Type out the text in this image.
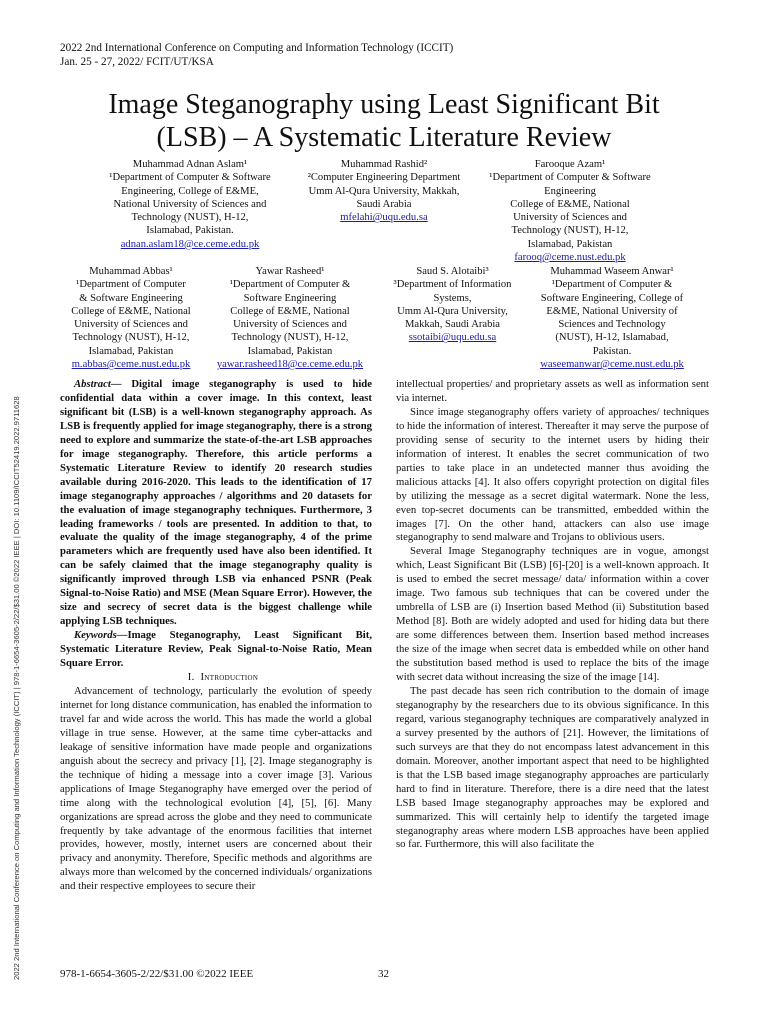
2022 2nd International Conference on Computing and Information Technology (ICCIT)
Jan. 25 - 27, 2022/ FCIT/UT/KSA
Image Steganography using Least Significant Bit
(LSB) – A Systematic Literature Review
Muhammad Adnan Aslam¹
¹Department of Computer & Software
Engineering, College of E&ME,
National University of Sciences and
Technology (NUST), H-12,
Islamabad, Pakistan.
adnan.aslam18@ce.ceme.edu.pk
Muhammad Rashid²
²Computer Engineering Department
Umm Al-Qura University, Makkah,
Saudi Arabia
mfelahi@uqu.edu.sa
Farooque Azam¹
¹Department of Computer & Software
Engineering
College of E&ME, National
University of Sciences and
Technology (NUST), H-12,
Islamabad, Pakistan
farooq@ceme.nust.edu.pk
Muhammad Abbas¹
¹Department of Computer
& Software Engineering
College of E&ME, National
University of Sciences and
Technology (NUST), H-12,
Islamabad, Pakistan
m.abbas@ceme.nust.edu.pk
Yawar Rasheed¹
¹Department of Computer &
Software Engineering
College of E&ME, National
University of Sciences and
Technology (NUST), H-12,
Islamabad, Pakistan
yawar.rasheed18@ce.ceme.edu.pk
Saud S. Alotaibi³
³Department of Information
Systems,
Umm Al-Qura University,
Makkah, Saudi Arabia
ssotaibi@uqu.edu.sa
Muhammad Waseem Anwar¹
¹Department of Computer &
Software Engineering, College of
E&ME, National University of
Sciences and Technology
(NUST), H-12, Islamabad,
Pakistan.
waseemanwar@ceme.nust.edu.pk
2022 2nd International Conference on Computing and Information Technology (ICCIT) | 978-1-6654-3605-2/22/$31.00 ©2022 IEEE | DOI: 10.1109/ICCIT52419.2022.9711628

Abstract— Digital image steganography is used to hide confidential data within a cover image. In this context, least significant bit (LSB) is a well-known steganography approach. As LSB is frequently applied for image steganography, there is a strong need to explore and summarize the state-of-the-art LSB approaches for image steganography. Therefore, this article performs a Systematic Literature Review to identify 20 research studies available during 2016-2020. This leads to the identification of 17 image steganography approaches / algorithms and 20 datasets for the evaluation of image steganography techniques. Furthermore, 3 leading frameworks / tools are presented. In addition to that, to evaluate the quality of the image steganography, 4 of the prime parameters which are frequently used have also been identified. It can be safely claimed that the image steganography quality is significantly improved through LSB via enhanced PSNR (Peak Signal-to-Noise Ratio) and MSE (Mean Square Error). However, the size and secrecy of secret data is the biggest challenge while applying LSB techniques.

Keywords—Image Steganography, Least Significant Bit, Systematic Literature Review, Peak Signal-to-Noise Ratio, Mean Square Error.

I. Introduction

Advancement of technology, particularly the evolution of speedy internet for long distance communication, has enabled the information to travel far and wide across the world. This has made the world a global village in true sense. However, at the same time cyber-attacks and leakage of sensitive information have made people and organizations anguish about the secrecy and privacy [1], [2]. Image steganography is the technique of hiding a message into a cover image [3]. Various applications of Image Steganography have emerged over the period of time along with the technological evolution [4], [5], [6]. Many organizations are spread across the globe and they need to communicate frequently by take advantage of the enormous facilities that internet provides, however, mostly, internet users are concerned about their privacy and anonymity. Therefore, Specific methods and algorithms are always more than welcomed by the concerned individuals/ organizations and their respective employees to secure their

intellectual properties/ and proprietary assets as well as information sent via internet.

Since image steganography offers variety of approaches/ techniques to hide the information of interest. Thereafter it may serve the purpose of providing sense of security to the internet users by hiding their information of interest. It enables the secret communication of two parties to take place in an undetected manner thus avoiding the malicious attacks [4]. It also offers copyright protection on digital files by utilizing the message as a secret digital watermark. None the less, even top-secret documents can be transmitted, embedded within the images [7]. On the other hand, attackers can also use image steganography to send malware and Trojans to oblivious users.

Several Image Steganography techniques are in vogue, amongst which, Least Significant Bit (LSB) [6]-[20] is a well-known approach. It is used to embed the secret message/ data/ information within a cover image. Two famous sub techniques that can be covered under the umbrella of LSB are (i) Insertion based Method (ii) Substitution based Method [8]. Both are widely adopted and used for hiding data but there are some differences between them. Insertion based method increases the size of the image when secret data is embedded while on other hand the substitution based method is used to replace the bits of the image with secret data without increasing the size of the image [14].

The past decade has seen rich contribution to the domain of image steganography by the researchers due to its obvious significance. In this regard, various steganography techniques are comparatively analyzed in a survey presented by the authors of [21]. However, the limitations of such surveys are that they do not encompass latest advancement in this domain. Moreover, another important aspect that need to be highlighted is that the LSB based image steganography approaches are particularly hard to find in literature. Therefore, there is a dire need that the latest LSB based Image steganography approaches may be explored and summarized. This will certainly help to identify the targeted image steganography areas where modern LSB approaches have been applied so far. Furthermore, this will also facilitate the

978-1-6654-3605-2/22/$31.00 ©2022 IEEE	32
